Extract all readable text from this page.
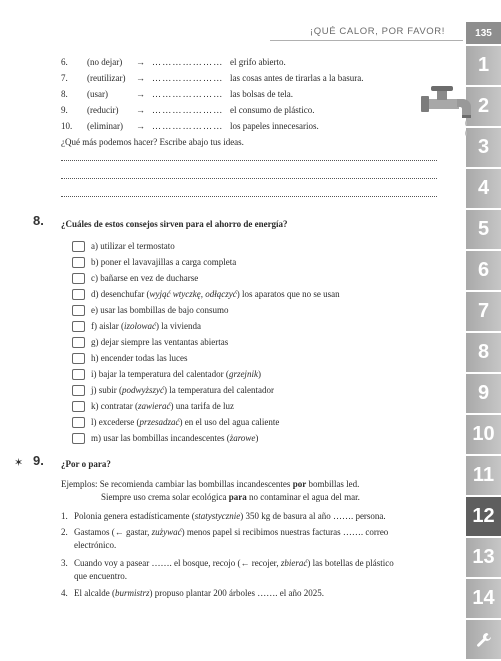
¡QUÉ CALOR, POR FAVOR!	135
1
2
3
4
5
6
7
8
9
10
11
12
13
14
6. (no dejar) → ………………… el grifo abierto.
7. (reutilizar) → ………………… las cosas antes de tirarlas a la basura.
8. (usar)	→ ………………… las bolsas de tela.
9. (reducir) → ………………… el consumo de plástico.
10. (eliminar) → ………………… los papeles innecesarios.
¿Qué más podemos hacer? Escribe abajo tus ideas.
8. ¿Cuáles de estos consejos sirven para el ahorro de energía?
a) utilizar el termostato
b) poner el lavavajillas a carga completa
c) bañarse en vez de ducharse
d) desenchufar (wyjąć wtyczkę, odłączyć) los aparatos que no se usan
e) usar las bombillas de bajo consumo
f) aislar (izolować) la vivienda
g) dejar siempre las ventantas abiertas
h) encender todas las luces
i) bajar la temperatura del calentador (grzejnik)
j) subir (podwyższyć) la temperatura del calentador
k) contratar (zawierać) una tarifa de luz
l) excederse (przesadzać) en el uso del agua caliente
m) usar las bombillas incandescentes (żarowe)
✶ 9. ¿Por o para?
Ejemplos: Se recomienda cambiar las bombillas incandescentes por bombillas led.
Siempre uso crema solar ecológica para no contaminar el agua del mar.
1. Polonia genera estadísticamente (statystycznie) 350 kg de basura al año ……. persona.
2. Gastamos (← gastar, zużywać) menos papel si recibimos nuestras facturas ……. correo
electrónico.
3. Cuando voy a pasear ……. el bosque, recojo (← recojer, zbierać) las botellas de plástico
que encuentro.
4. El alcalde (burmistrz) propuso plantar 200 árboles ……. el año 2025.
